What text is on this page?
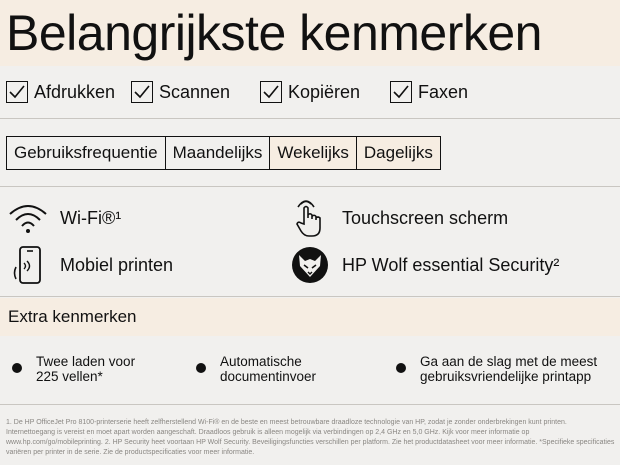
Belangrijkste kenmerken
Afdrukken Scannen	Kopiëren	Faxen
Gebruiksfrequentie Maandelijks Wekelijks Dagelijks
Wi-Fi®¹	Touchscreen scherm
Mobiel printen	HP Wolf essential Security²
Extra kenmerken
Twee laden voor
225 vellen*
Automatische
documentinvoer
Ga aan de slag met de meest
gebruiksvriendelijke printapp
1. De HP OfficeJet Pro 8100-printerserie heeft zelfherstellend Wi-Fi® en de beste en meest betrouwbare draadloze technologie van HP, zodat je zonder onderbrekingen kunt printen. Internettoegang is vereist en moet apart worden aangeschaft. Draadloos gebruik is alleen mogelijk via verbindingen op 2,4 GHz en 5,0 GHz. Kijk voor meer informatie op www.hp.com/go/mobileprinting. 2. HP Security heet voortaan HP Wolf Security. Beveiligingsfuncties verschillen per platform. Zie het productdatasheet voor meer informatie. *Specifieke specificaties variëren per printer in de serie. Zie de productspecificaties voor meer informatie.
